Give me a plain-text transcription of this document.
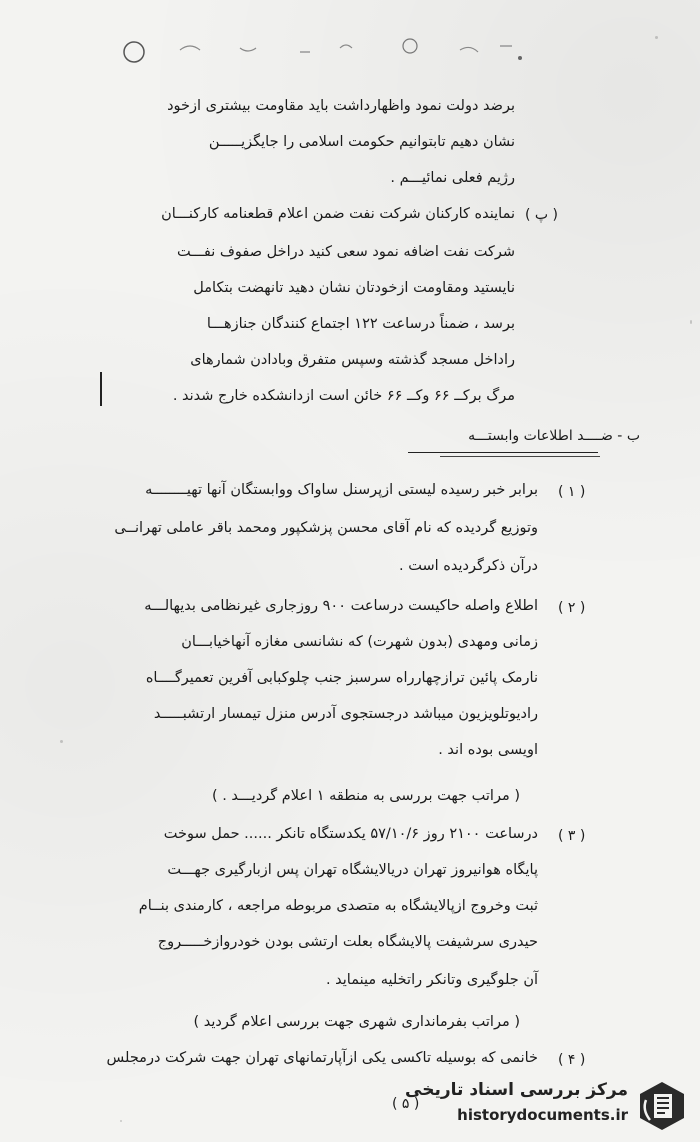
برضد دولت نمود واظهارداشت باید مقاومت بیشتری ازخود
نشان دهیم تابتوانیم حکومت اسلامی را جایگزیـــــن
رژیم فعلی نمائیـــم .
( پ )
نماینده کارکنان شرکت نفت ضمن اعلام قطعنامه کارکنـــان
شرکت نفت اضافه نمود سعی کنید دراخل صفوف نفـــت
نایستید ومقاومت ازخودتان نشان دهید تانهضت بتکامل
برسد ، ضمناً درساعت ۱۲۲ اجتماع کنندگان جنازهـــا
راداخل مسجد گذشته وسپس متفرق وبادادن شمارهای
مرگ برکــ ۶۶ وکــ ۶۶ خائن است ازدانشکده خارج شدند .
ب - ضــــد اطلاعات وابستـــه
( ۱ )
برابر خبر رسیده لیستی ازپرسنل ساواک ووابستگان آنها تهیــــــــه
وتوزیع گردیده که نام آقای محسن پزشکپور ومحمد باقر عاملی تهرانــی
درآن ذکرگردیده است .
( ۲ )
اطلاع واصله حاکیست درساعت ۹۰۰ روزجاری غیرنظامی بدیهالـــه
زمانی ومهدی (بدون شهرت) که نشانسی مغازه آنهاخیابـــان
نارمک پائین ترازچهارراه سرسبز جنب چلوکبابی آفرین تعمیرگــــاه
رادیوتلویزیون میباشد درجستجوی آدرس منزل تیمسار ارتشبـــــد
اویسی بوده اند .
( مراتب جهت بررسی به منطقه ۱ اعلام گردیـــد . )
( ۳ )
درساعت ۲۱۰۰ روز ۵۷/۱۰/۶ یکدستگاه تانکر ...... حمل سوخت
پایگاه هوانیروز تهران دریالایشگاه تهران پس ازبارگیری جهـــت
ثبت وخروج ازپالایشگاه به متصدی مربوطه مراجعه ، کارمندی بنــام
حیدری سرشیفت پالایشگاه بعلت ارتشی بودن خودروازخـــــروج
آن جلوگیری وتانکر راتخلیه مینماید .
( مراتب بفرماندارى شهرى جهت بررسى اعلام گرديد )
( ۴ )
خانمی که بوسیله تاکسی یکی ازآپارتمانهای تهران جهت شرکت درمجلس
( ۵ )
مرکز بررسی اسناد تاریخی
historydocuments.ir
